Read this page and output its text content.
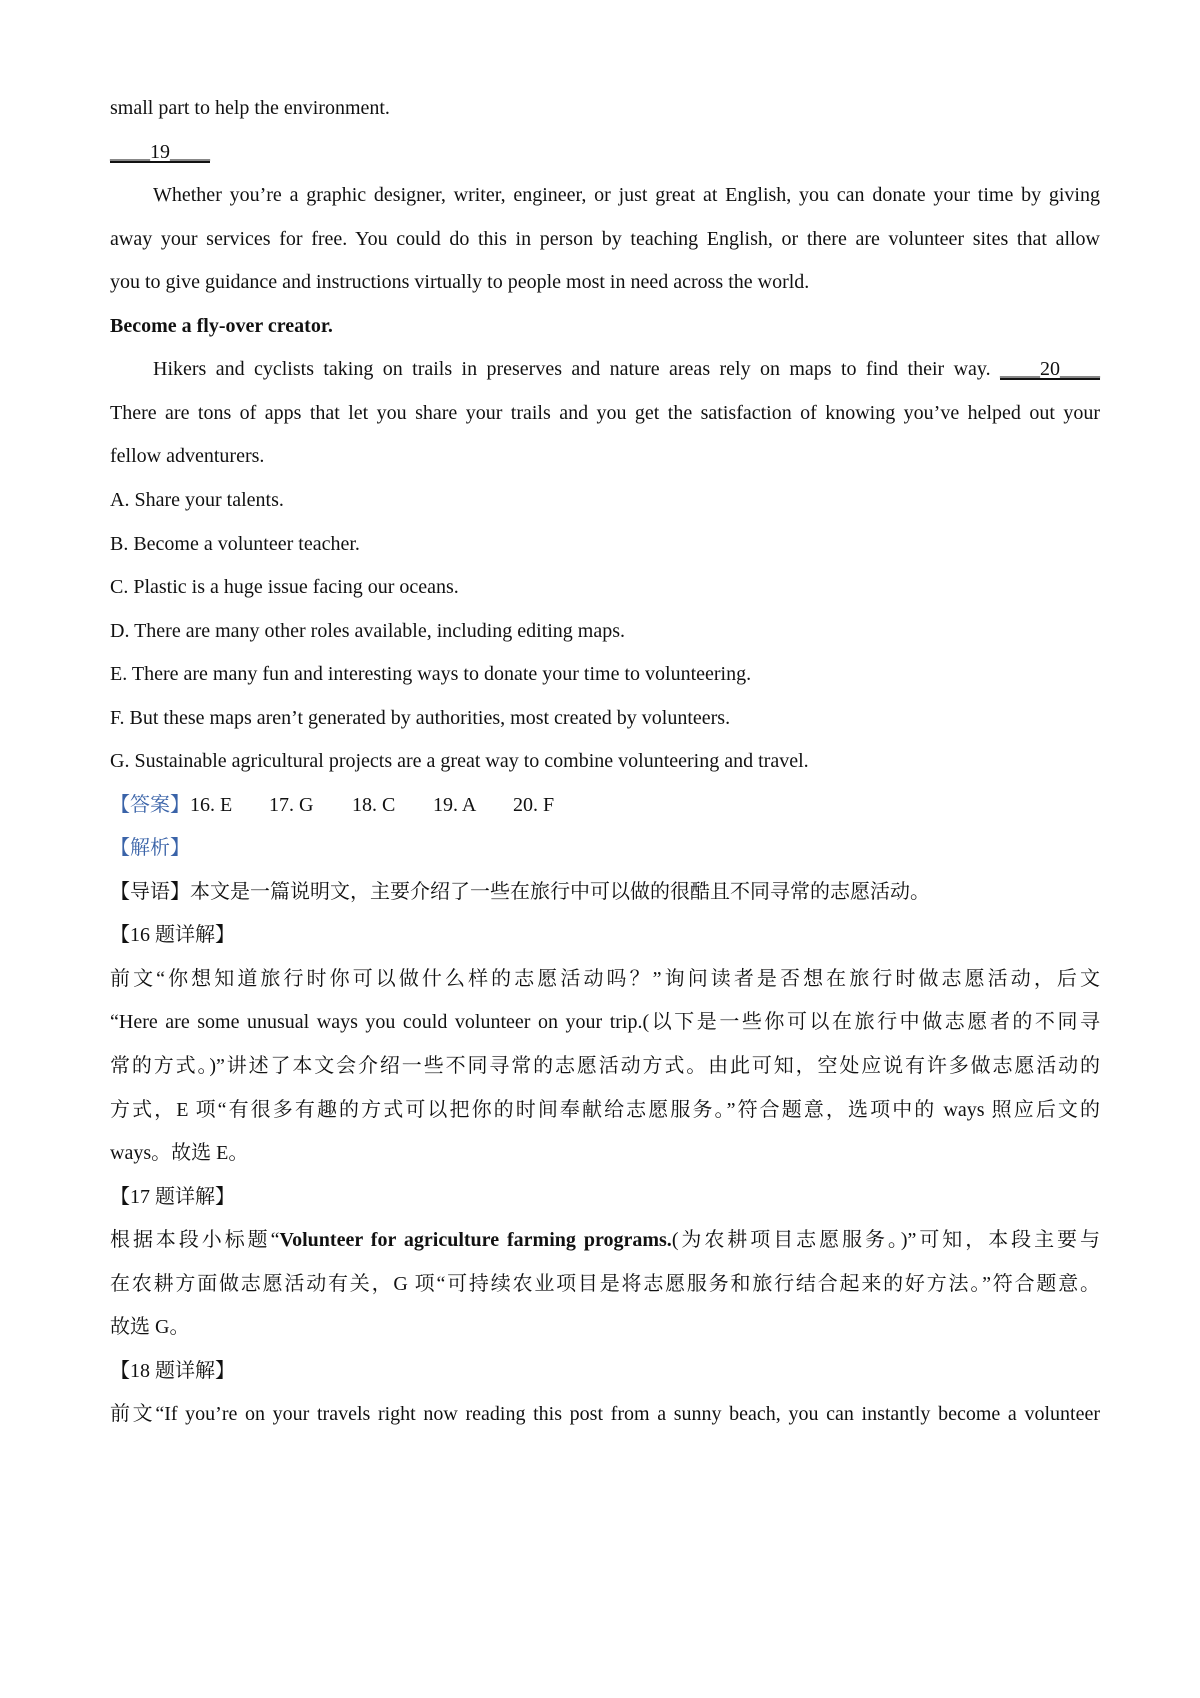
small part to help the environment.
____19____
Whether you’re a graphic designer, writer, engineer, or just great at English, you can donate your time by giving
away your services for free. You could do this in person by teaching English, or there are volunteer sites that allow
you to give guidance and instructions virtually to people most in need across the world.
Become a fly-over creator.
Hikers and cyclists taking on trails in preserves and nature areas rely on maps to find their way. ____20____
There are tons of apps that let you share your trails and you get the satisfaction of knowing you’ve helped out your
fellow adventurers.
A. Share your talents.
B. Become a volunteer teacher.
C. Plastic is a huge issue facing our oceans.
D. There are many other roles available, including editing maps.
E. There are many fun and interesting ways to donate your time to volunteering.
F. But these maps aren’t generated by authorities, most created by volunteers.
G. Sustainable agricultural projects are a great way to combine volunteering and travel.
【答案】16. E 17. G 18. C 19. A 20. F
【解析】
【导语】本文是一篇说明文，主要介绍了一些在旅行中可以做的很酷且不同寻常的志愿活动。
【16 题详解】
前文“你想知道旅行时你可以做什么样的志愿活动吗？”询问读者是否想在旅行时做志愿活动，后文
“Here are some unusual ways you could volunteer on your trip.(以下是一些你可以在旅行中做志愿者的不同寻
常的方式。)”讲述了本文会介绍一些不同寻常的志愿活动方式。由此可知，空处应说有许多做志愿活动的
方式，E 项“有很多有趣的方式可以把你的时间奉献给志愿服务。”符合题意，选项中的 ways 照应后文的
ways。故选 E。
【17 题详解】
根据本段小标题“Volunteer for agriculture farming programs.(为农耕项目志愿服务。)”可知，本段主要与
在农耕方面做志愿活动有关，G 项“可持续农业项目是将志愿服务和旅行结合起来的好方法。”符合题意。
故选 G。
【18 题详解】
前文“If you’re on your travels right now reading this post from a sunny beach, you can instantly become a volunteer
